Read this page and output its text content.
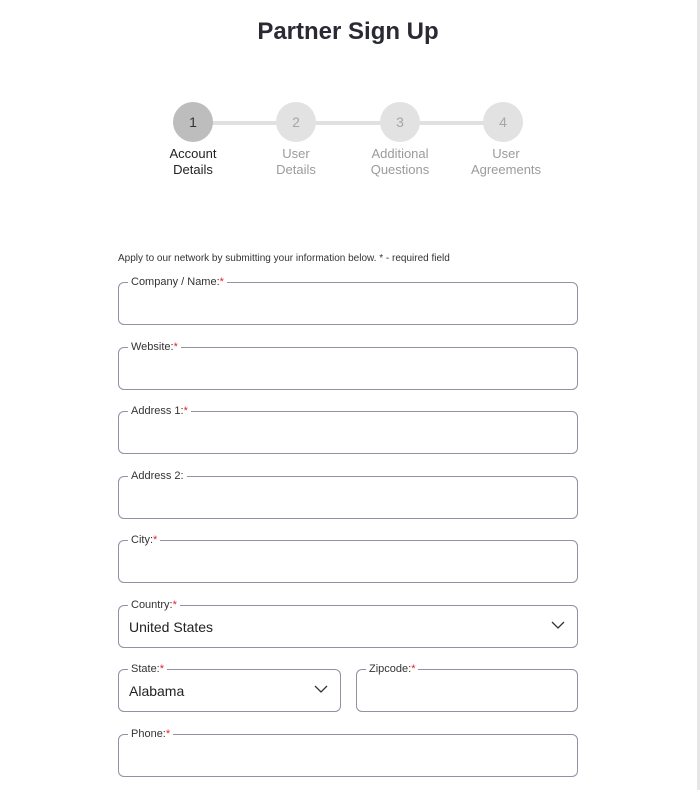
Partner Sign Up
1	2	3	4
Account
Details
User
Details
Additional
Questions
User
Agreements
Apply to our network by submitting your information below. * - required field
Company / Name:*
Website:*
Address 1:*
Address 2:
City:*
Country:*
United States
State:*
Alabama
Zipcode:*
Phone:*
